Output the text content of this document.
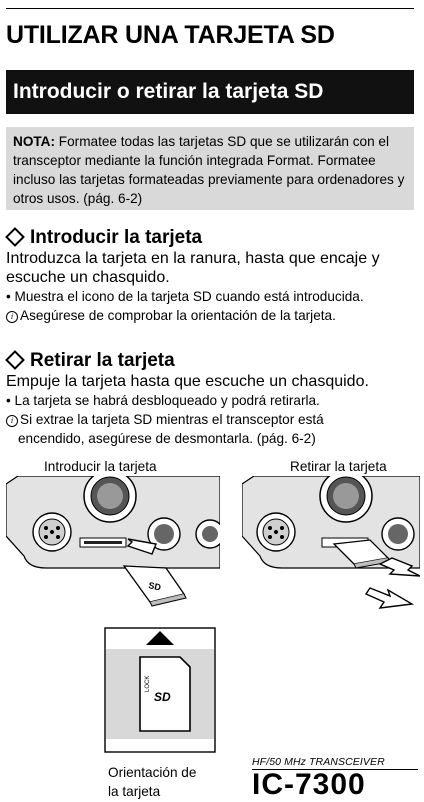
UTILIZAR UNA TARJETA SD
Introducir o retirar la tarjeta SD
NOTA: Formatee todas las tarjetas SD que se utilizarán con el transceptor mediante la función integrada Format. Formatee incluso las tarjetas formateadas previamente para ordenadores y otros usos. (pág. 6-2)
Introducir la tarjeta
Introduzca la tarjeta en la ranura, hasta que encaje y escuche un chasquido.
• Muestra el icono de la tarjeta SD cuando está introducida.
i Asegúrese de comprobar la orientación de la tarjeta.
Retirar la tarjeta
Empuje la tarjeta hasta que escuche un chasquido.
• La tarjeta se habrá desbloqueado y podrá retirarla.
i Si extrae la tarjeta SD mientras el transceptor está
encendido, asegúrese de desmontarla. (pág. 6-2)
Introducir la tarjeta	Retirar la tarjeta
SD
LOCK
SD
Orientación de
la tarjeta
HF/50 MHz TRANSCEIVER
IC-7300
